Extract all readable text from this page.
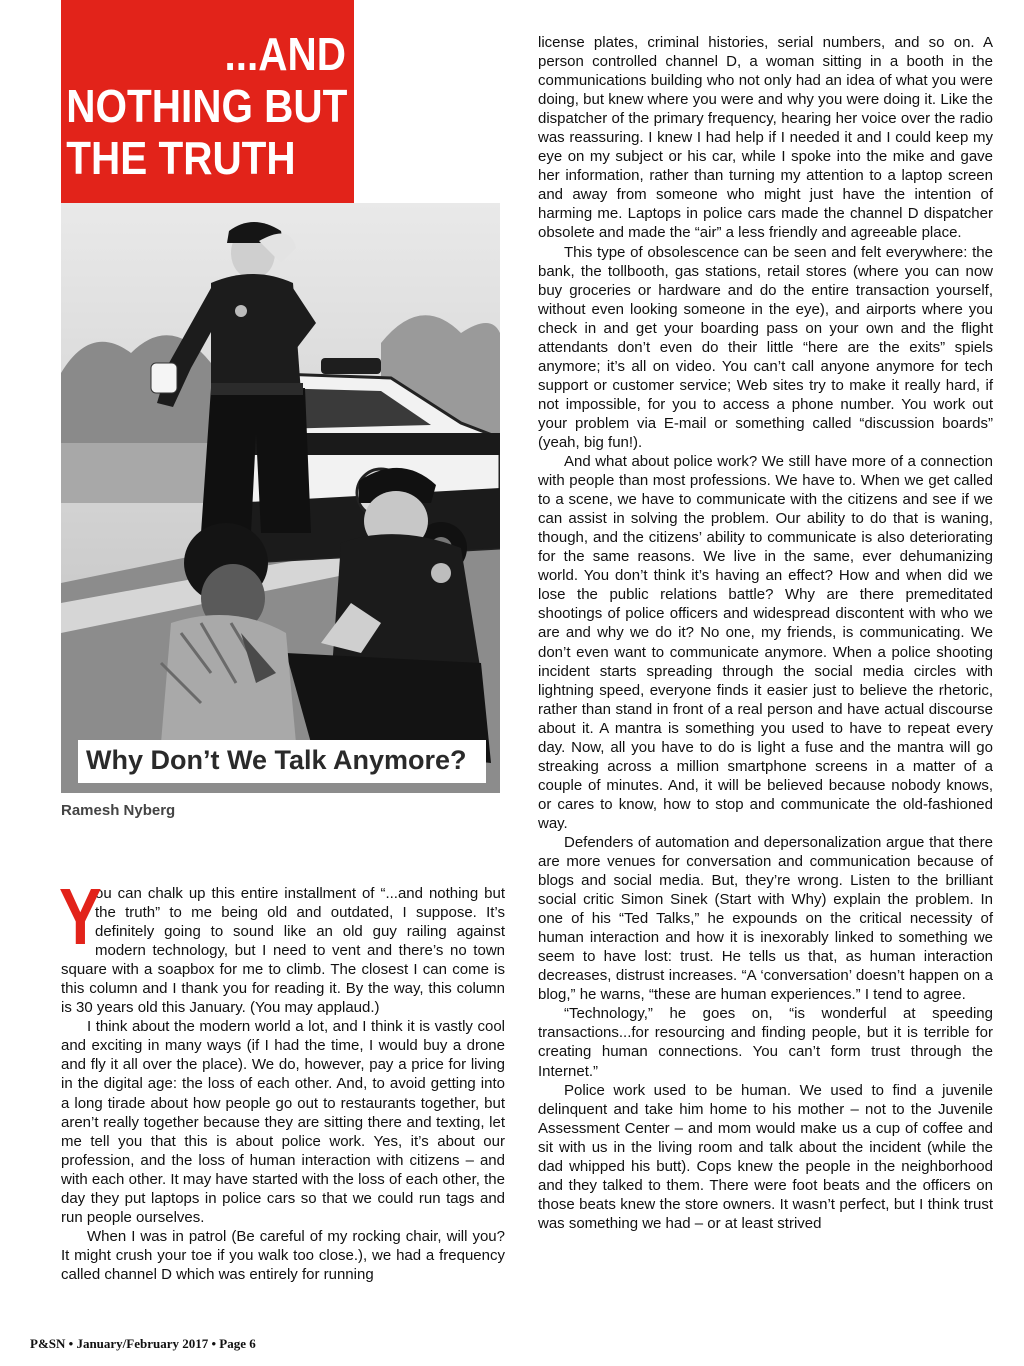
...AND
NOTHING BUT
THE TRUTH
Why Don’t We Talk Anymore?
Ramesh Nyberg

Y
ou can chalk up this entire installment of “...and nothing but the truth” to me being old and outdated, I suppose. It’s definitely going to sound like an old guy railing against modern technology, but I need to vent and there’s no town square with a soapbox for me to climb. The closest I can come is this column and I thank you for reading it. By the way, this column is 30 years old this January. (You may applaud.)

I think about the modern world a lot, and I think it is vastly cool and exciting in many ways (if I had the time, I would buy a drone and fly it all over the place). We do, however, pay a price for living in the digital age: the loss of each other. And, to avoid getting into a long tirade about how people go out to restaurants together, but aren’t really together because they are sitting there and texting, let me tell you that this is about police work. Yes, it’s about our profession, and the loss of human interaction with citizens – and with each other. It may have started with the loss of each other, the day they put laptops in police cars so that we could run tags and run people ourselves.

When I was in patrol (Be careful of my rocking chair, will you? It might crush your toe if you walk too close.), we had a frequency called channel D which was entirely for running

license plates, criminal histories, serial numbers, and so on. A person controlled channel D, a woman sitting in a booth in the communications building who not only had an idea of what you were doing, but knew where you were and why you were doing it. Like the dispatcher of the primary frequency, hearing her voice over the radio was reassuring. I knew I had help if I needed it and I could keep my eye on my subject or his car, while I spoke into the mike and gave her information, rather than turning my attention to a laptop screen and away from someone who might just have the intention of harming me. Laptops in police cars made the channel D dispatcher obsolete and made the “air” a less friendly and agreeable place.

This type of obsolescence can be seen and felt everywhere: the bank, the tollbooth, gas stations, retail stores (where you can now buy groceries or hardware and do the entire transaction yourself, without even looking someone in the eye), and airports where you check in and get your boarding pass on your own and the flight attendants don’t even do their little “here are the exits” spiels anymore; it’s all on video. You can’t call anyone anymore for tech support or customer service; Web sites try to make it really hard, if not impossible, for you to access a phone number. You work out your problem via E-mail or something called “discussion boards” (yeah, big fun!).

And what about police work? We still have more of a connection with people than most professions. We have to. When we get called to a scene, we have to communicate with the citizens and see if we can assist in solving the problem. Our ability to do that is waning, though, and the citizens’ ability to communicate is also deteriorating for the same reasons. We live in the same, ever dehumanizing world. You don’t think it’s having an effect? How and when did we lose the public relations battle? Why are there premeditated shootings of police officers and widespread discontent with who we are and why we do it? No one, my friends, is communicating. We don’t even want to communicate anymore. When a police shooting incident starts spreading through the social media circles with lightning speed, everyone finds it easier just to believe the rhetoric, rather than stand in front of a real person and have actual discourse about it. A mantra is something you used to have to repeat every day. Now, all you have to do is light a fuse and the mantra will go streaking across a million smartphone screens in a matter of a couple of minutes. And, it will be believed because nobody knows, or cares to know, how to stop and communicate the old-fashioned way.

Defenders of automation and depersonalization argue that there are more venues for conversation and communication because of blogs and social media. But, they’re wrong. Listen to the brilliant social critic Simon Sinek (Start with Why) explain the problem. In one of his “Ted Talks,” he expounds on the critical necessity of human interaction and how it is inexorably linked to something we seem to have lost: trust. He tells us that, as human interaction decreases, distrust increases. “A ‘conversation’ doesn’t happen on a blog,” he warns, “these are human experiences.” I tend to agree.

“Technology,” he goes on, “is wonderful at speeding transactions...for resourcing and finding people, but it is terrible for creating human connections. You can’t form trust through the Internet.”

Police work used to be human. We used to find a juvenile delinquent and take him home to his mother – not to the Juvenile Assessment Center – and mom would make us a cup of coffee and sit with us in the living room and talk about the incident (while the dad whipped his butt). Cops knew the people in the neighborhood and they talked to them. There were foot beats and the officers on those beats knew the store owners. It wasn’t perfect, but I think trust was something we had – or at least strived

P&SN • January/February 2017 • Page 6
